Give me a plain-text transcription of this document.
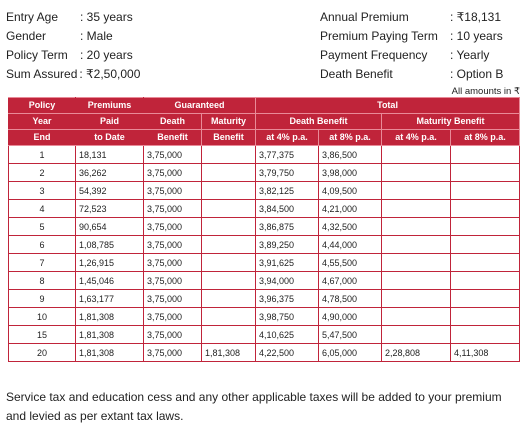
Entry Age	: 35 years
Gender	: Male
Policy Term	: 20 years
Sum Assured : ₹2,50,000
Annual Premium	: ₹18,131
Premium Paying Term	: 10 years
Payment Frequency	: Yearly
Death Benefit	: Option B
All amounts in ₹
Policy	Premiums	Guaranteed		Total			
Year	Paid	Death	Maturity	Death Benefit		Maturity Benefit	
End	to Date	Benefit	Benefit	at 4% p.a.	at 8% p.a.	at 4% p.a.	at 8% p.a.
1	18,131	3,75,000		3,77,375	3,86,500		
2	36,262	3,75,000		3,79,750	3,98,000		
3	54,392	3,75,000		3,82,125	4,09,500		
4	72,523	3,75,000		3,84,500	4,21,000		
5	90,654	3,75,000		3,86,875	4,32,500		
6	1,08,785	3,75,000		3,89,250	4,44,000		
7	1,26,915	3,75,000		3,91,625	4,55,500		
8	1,45,046	3,75,000		3,94,000	4,67,000		
9	1,63,177	3,75,000		3,96,375	4,78,500		
10	1,81,308	3,75,000		3,98,750	4,90,000		
15	1,81,308	3,75,000		4,10,625	5,47,500		
20	1,81,308	3,75,000	1,81,308	4,22,500	6,05,000	2,28,808	4,11,308
Service tax and education cess and any other applicable taxes will be added to your premium and levied as per extant tax laws.
